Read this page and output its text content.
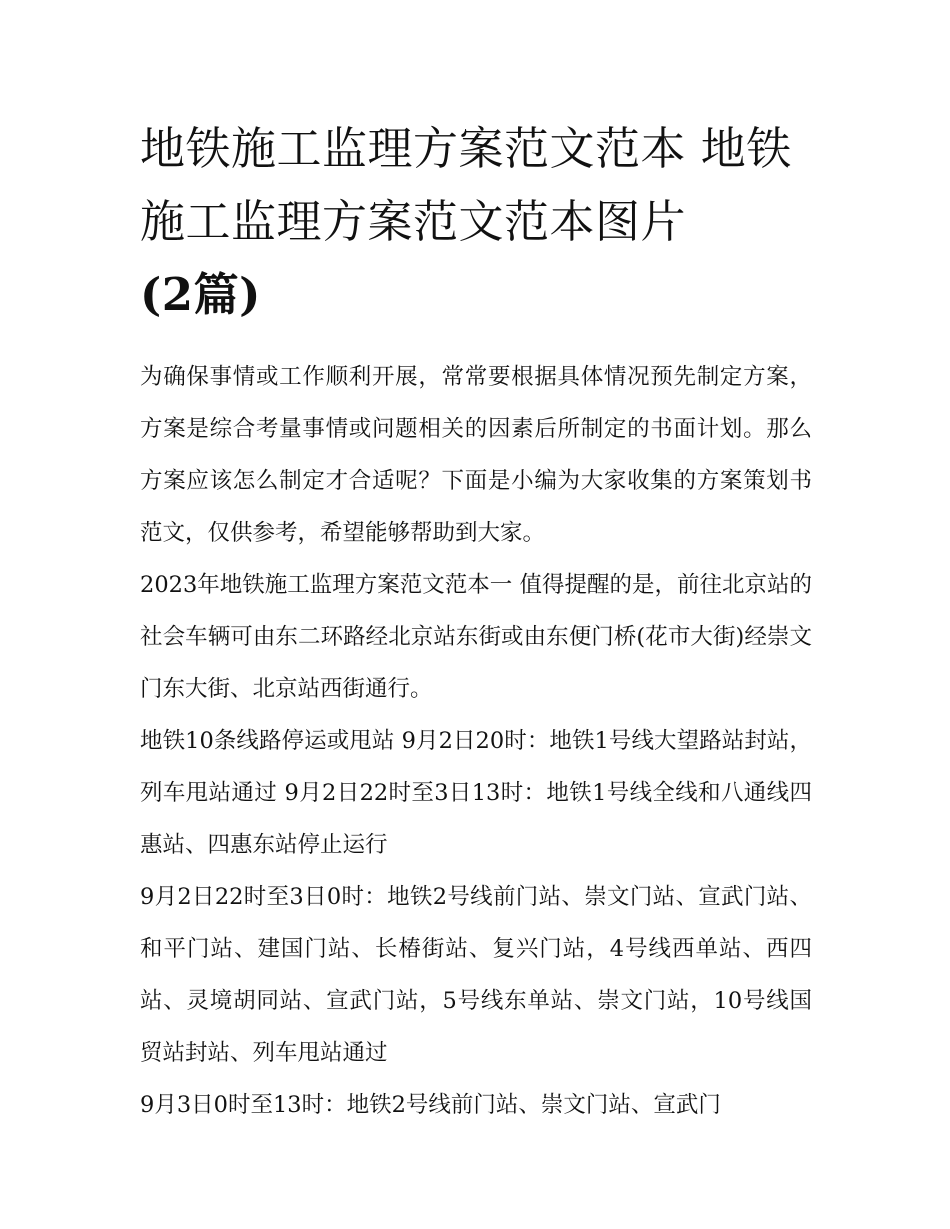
地铁施工监理方案范文范本 地铁施工监理方案范文范本图片
(2篇)

为确保事情或工作顺利开展，常常要根据具体情况预先制定方案，方案是综合考量事情或问题相关的因素后所制定的书面计划。那么方案应该怎么制定才合适呢？下面是小编为大家收集的方案策划书范文，仅供参考，希望能够帮助到大家。

2023年地铁施工监理方案范文范本一 值得提醒的是，前往北京站的社会车辆可由东二环路经北京站东街或由东便门桥(花市大街)经崇文门东大街、北京站西街通行。

地铁10条线路停运或甩站 9月2日20时：地铁1号线大望路站封站，列车甩站通过 9月2日22时至3日13时：地铁1号线全线和八通线四惠站、四惠东站停止运行

9月2日22时至3日0时：地铁2号线前门站、崇文门站、宣武门站、和平门站、建国门站、长椿街站、复兴门站，4号线西单站、西四站、灵境胡同站、宣武门站，5号线东单站、崇文门站，10号线国贸站封站、列车甩站通过

9月3日0时至13时：地铁2号线前门站、崇文门站、宣武门
